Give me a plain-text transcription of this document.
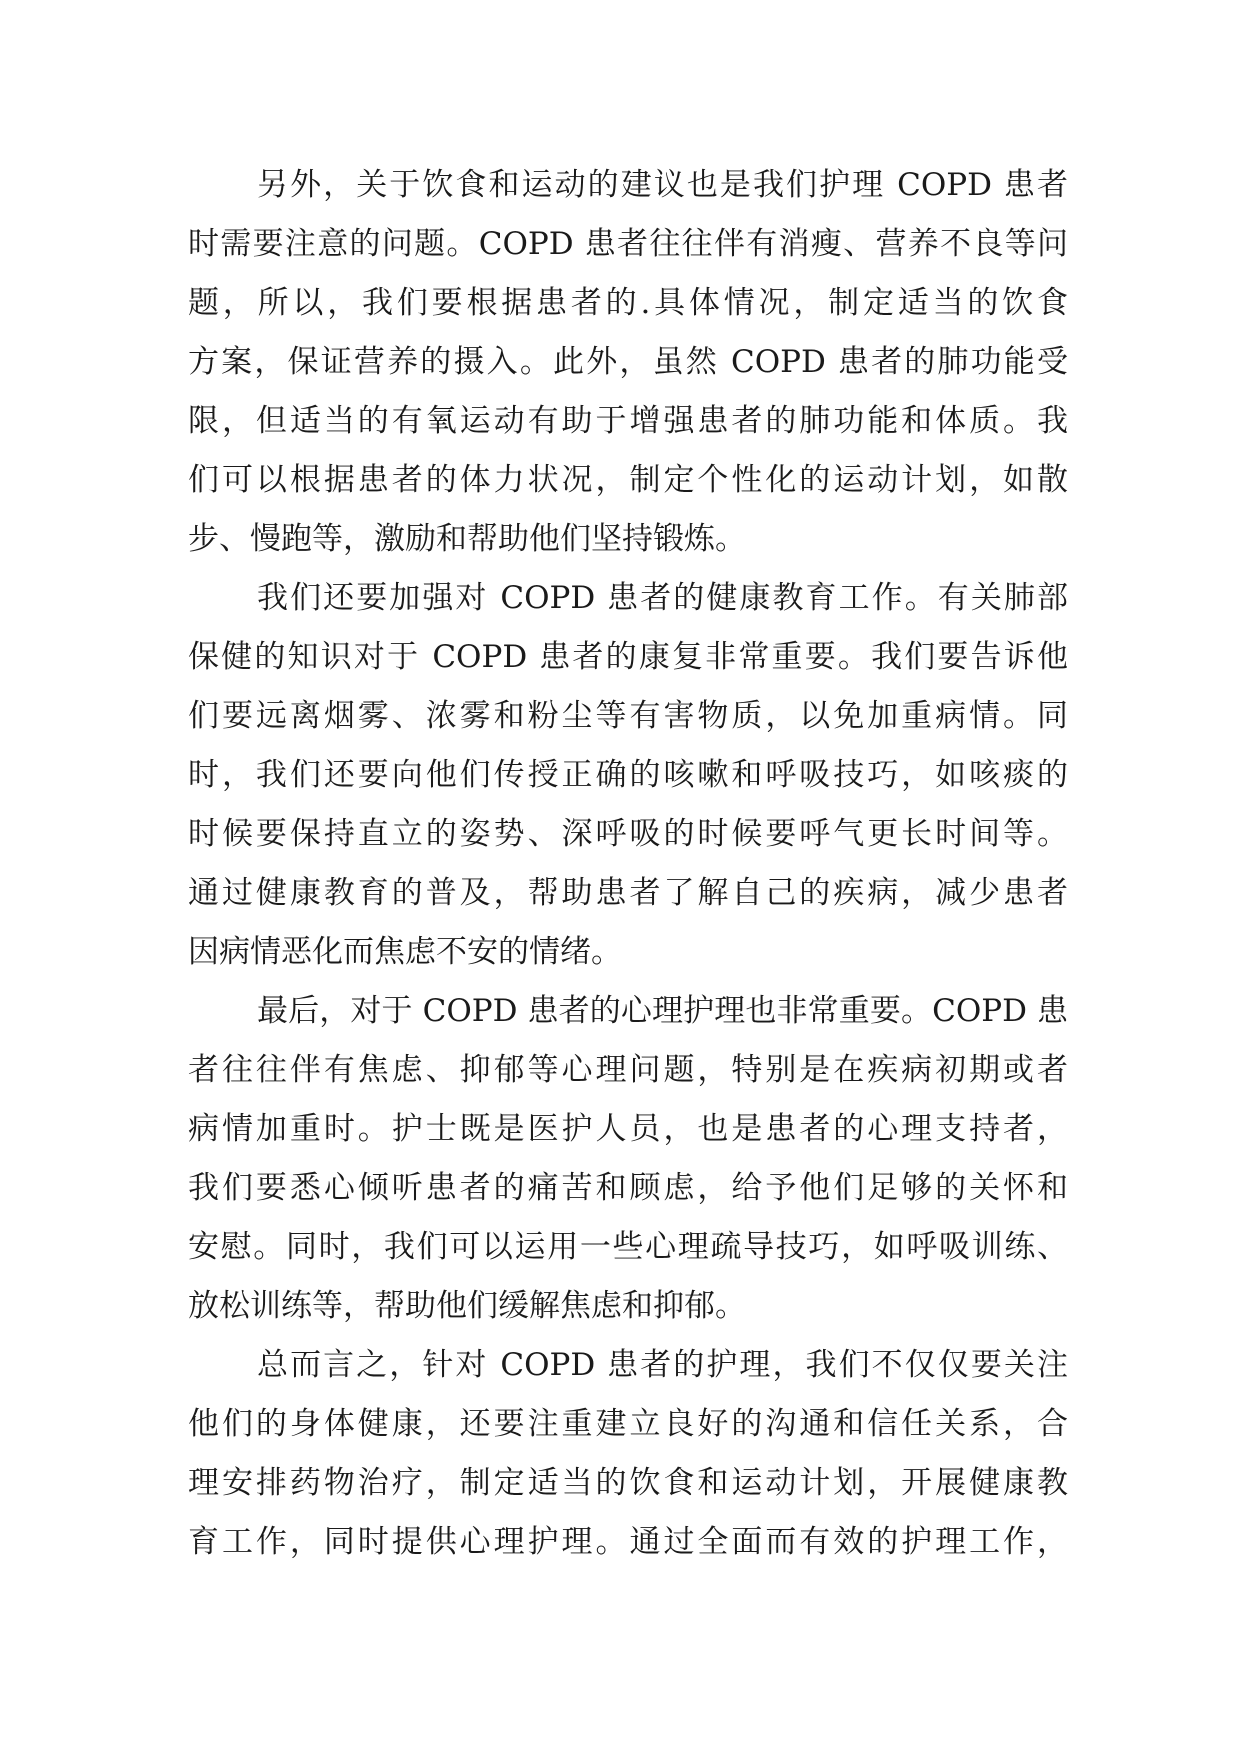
另外，关于饮食和运动的建议也是我们护理 COPD 患者
时需要注意的问题。COPD 患者往往伴有消瘦、营养不良等问
题，所以，我们要根据患者的.具体情况，制定适当的饮食
方案，保证营养的摄入。此外，虽然 COPD 患者的肺功能受
限，但适当的有氧运动有助于增强患者的肺功能和体质。我
们可以根据患者的体力状况，制定个性化的运动计划，如散
步、慢跑等，激励和帮助他们坚持锻炼。
我们还要加强对 COPD 患者的健康教育工作。有关肺部
保健的知识对于 COPD 患者的康复非常重要。我们要告诉他
们要远离烟雾、浓雾和粉尘等有害物质，以免加重病情。同
时，我们还要向他们传授正确的咳嗽和呼吸技巧，如咳痰的
时候要保持直立的姿势、深呼吸的时候要呼气更长时间等。
通过健康教育的普及，帮助患者了解自己的疾病，减少患者
因病情恶化而焦虑不安的情绪。
最后，对于 COPD 患者的心理护理也非常重要。COPD 患
者往往伴有焦虑、抑郁等心理问题，特别是在疾病初期或者
病情加重时。护士既是医护人员，也是患者的心理支持者，
我们要悉心倾听患者的痛苦和顾虑，给予他们足够的关怀和
安慰。同时，我们可以运用一些心理疏导技巧，如呼吸训练、
放松训练等，帮助他们缓解焦虑和抑郁。
总而言之，针对 COPD 患者的护理，我们不仅仅要关注
他们的身体健康，还要注重建立良好的沟通和信任关系，合
理安排药物治疗，制定适当的饮食和运动计划，开展健康教
育工作，同时提供心理护理。通过全面而有效的护理工作，
